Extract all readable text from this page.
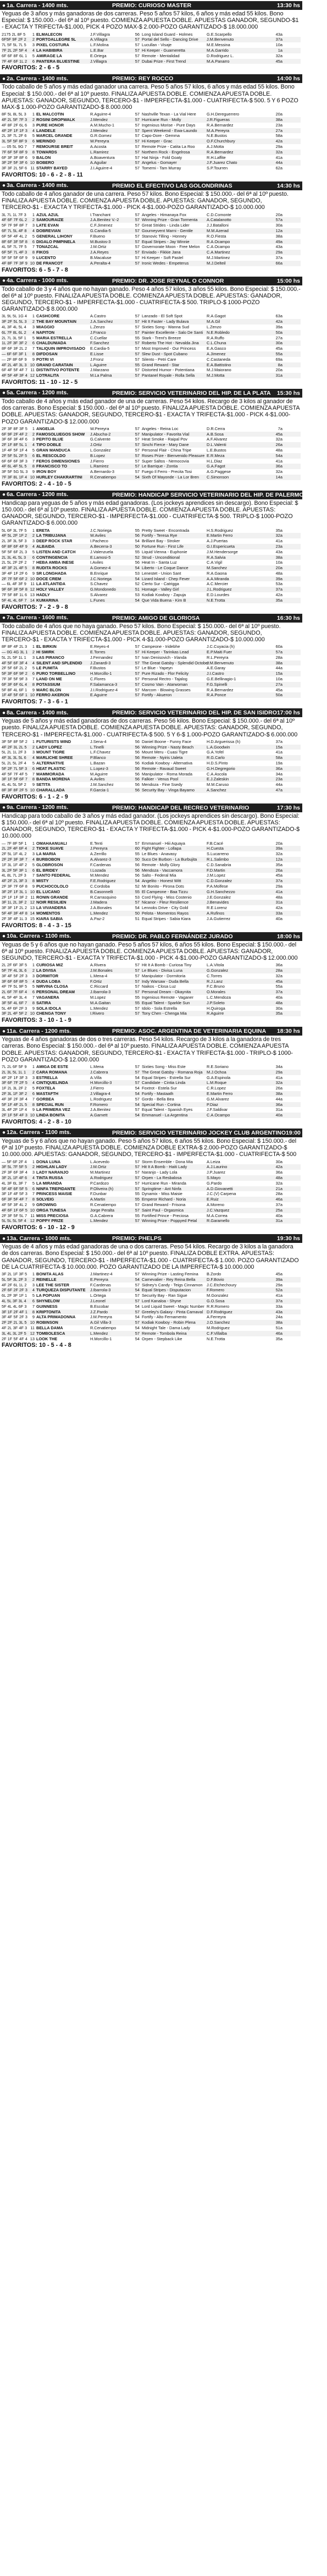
● 1a. Carrera - 1400 mts.	PREMIO: CURIOSO MASTER	13:30 hs
Yeguas de 3 años y más ganadoras de dos carreras. Peso 5 años 57 kilos, 6 años y más edad 55 kilos. Bono Especial: $ 150.000.- del 6ª al 10º puesto. COMIENZA APUESTA DOBLE. APUESTAS GANADOR, SEGUNDO-$1 - EXACTA Y TRIFECTA-$1.000, PICK 4 POZO MAX-$ 2.000-POZO GARANTIZADO-$ 18.000.000
2175 2L 8F 5	1 ELMALECON	J.F.Villagra	56 Long Island Guard - Holmes	G.E.Scarpello	43a
6F5F 9F 2F 2	2 PORTOALLEGRE 5L	A.Villagra	57 Portal del Sello - Dancing Drive	J.M.Benvenuto	37a
7L 5F 5L 7L 5	3 PIXEL COSTURA	L.F.Molina	57 Lucullan - Visaje	M.E.Messina	10a
7F 2L 2F 5F 4	4 LA HABIBIRA	L.E.Bar	57 Hi Keeper - Guarneretta	M.A.Garrido	1a
6F 6F 8F 6L 1	5 AMIRAGE LA	E.Ortega	57 Remote - Mentalidad	D.Rodriguez L.	32a
7F 4F 6F 1L 2	6 PANTERA BLUESTINE	J.Villagra	57 Dubai Prize - First Trend	M.A.Panarro	45a
FAVORITOS: 2 - 6 - 5
● 2a. Carrera - 1400 mts.	PREMIO: REY ROCCO	14:00 hs
Todo caballo de 5 años y más edad ganador una carrera. Peso 5 años 57 kilos, 6 años y más edad 55 kilos. Bono Especial: $ 150.000.- del 6ª al 10º puesto. FINALIZA APUESTA DOBLE. COMIENZA APUESTA DOBLE. APUESTAS: GANADOR, SEGUNDO, TERCERO-$1 - IMPERFECTA-$1.000 - CUATRIFECTA-$ 500. 5 Y 6 POZO MAX-$ 1.000-POZO GARANTIZADO-$ 8.000.000
8F 5L 8L 5L 3	1 EL MALCOTIN	R.Aguirre-4	57 Nashville Texan - La Vial Here	G.H.Dereguerrero	20a
4F 2L 5F 7F 3	2 ROSINI DROPWALK	J.Mendez	57 Hurricane Run - Molly	J.R.Figueras	38a
4F 8F 2F 6L 6	3 PURE HONOR	A.M.Mucho-1	57 Ingenious Morise - Pure Days	R.A.Bernardez	23a
4F 2F 1F 1F 3	4 LANDELE	J.Mendez	57 Spent Weekend - Ewa-Laundo	M.A.Pereyra	27a
2L 3F 7L 2F 6	5 MARCEL GRANDE	G.R.Gomez	57 Capo-Dore - Gemma	N.E.Bustos	58a
3L 5F 5F 8F 9	6 MERINDO	W.Pereyra	57 Hi Keeper - Grac	O.F.Churchbury	42a
— 05 5L 9G 7	7 REMOURSE BREIT	A.Acosta	57 Remote Prize - Catita La Roo	A.J.Motta	29a
7F 6F 5F 8F 9	8 TOWARDS	L.Ramirez	57 Northern Rock - Engelrosa	R.A.Bernardez	32a
6F 3F 3F 8F 6	9 BALON	A.Boaventura	57 Hat Ninja - Fold Goaty	R.H.Laffite	41a
3F 2F 5F 3F 6 10 BOBERO	A.Aguilar	57 Angelus - Gomayer	J.F.Juarez Chato	44a
3F 3F 2L 5F 6 11 STARRY BAYED	J.I.Aguirre-4	57 Tomemi - Tam Murray	S.P.Tourren	62a
FAVORITOS: 10 - 6 - 2 - 8 - 11
● 3a. Carrera - 1400 mts.	PREMIO EL EFECTIVO LAS GOLONDRINAS	14:30 hs
Todo caballo de 4 años ganador de una carrera. Peso 57 kilos. Bono Especial: $ 150.000.- del 6ª al 10º puesto. FINALIZA APUESTA DOBLE. COMIENZA APUESTA DOBLE. APUESTAS: GANADOR, SEGUNDO, TERCERO-$1 - EXACTA Y TRIFECTA-$1.000 - PICK 4-$1.000-POZO GARANTIZADO-$ 10.000.000
3L 7L 1L 7F 3	1 AZUL AZUL	I.Tranchant	57 Angeles - Himanaya Fox	C.D.Comonte	20a
4F 6F 7F 6L 2	2 SAMOURAIZE	J.A.Benitez V.-2	57 Winning Prize - Gran Tormenta	A.Catalanotto	57a
5F 7F 9F 8F 7	3 LATE EVAN	C.F.Jimenez	57 Great Strides - Linda Lider	J.J.Batalloni	30a
6F 7L 5L 4F 8	4 DOBREVIAN	G.Candia-5	57 Gourneyvent Marni - Gentile	M.M.Azerad	12a
6F 5F 4F 4L 2	5 GENERAL LIHONY	F.Bueno	57 Stanovic Tilling - Honney	R.O.Fiesta	38a
8F 6F 3F 5F 8	6 DIGALO PIMPINELA	M.Bustos-3	57 Equal Stripes - Jay Winnie	R.A.Ocampo	49a
4L 5F 7L 7F 5	7 TONAZCAL	J.M.Ortiz	57 Governorate Moon - Free Melon	C.A.Ocampo	43a
6F 5F 7L 4F 3	8 FIKOS	J.A.Reyes	57 Enviado - Fikkie Jana	C.A.Martinez	29a
5F 5F 5F 6F 9	9 LUCENTO	B.Macaluse	57 Hi Keeper - Soft Pastel	M.J.Martinez	37a
4F 8F 7F 3F 9 10 DE FRANCOT	A.Peralta-4	57 Ironic Wedes - Empeterus	M.J.Delteil	66a
FAVORITOS: 6 - 5 - 7 - 8
● 4a. Carrera - 1000 mts.	PREMIO: DR. JOSE REYNAL O CONNOR	15:00 hs
Todo caballo de 3 y 4 años que no hayan ganado. Peso 4 años 57 kilos, 3 años 55 kilos. Bono Especial: $ 150.000.- del 6ª al 10º puesto. FINALIZA APUESTA DOBLE. COMIENZA APUESTA DOBLE. APUESTAS: GANADOR, SEGUNDO, TERCERO-$1 - IMPERFECTA-$1.000 - CUATRIFECTA-$ 500. TRIPLO-$ 1000-POZO GARANTIZADO-$ 8.000.000
3L 9L 5L 1G 4	1 CASHCORE	A.Castro	57 Lanzado - El Soft Spot	R.A.Gagot	63a
3F 2F 5L 5L 3	2 THE BAY MOUNTAIN	J.A.Sanchez	57 Hit It Faster - Lady Bulava	M.A.Gil	42a
4L 3F 4L 5L 4	3 MIAGGIO	L.Zenzo	57 Sixties Song - Wanna Sud	L.Zenzo	39a
6L 7F 8L 6L 2	4 NAPITON	J.Franco	57 Painter Excellente - Salo De Santi N.E.Robledo	50a
2L 7L 3L 5F 1	5 MARIA ESTRELLA	C.Cuellar	55 Stark - Trent's Breeze	R.A.Ruffo	27a
1L 2F 3F 3F 2	6 CHALDUNIADA	F.Sanchez	57 Roberto The Hot - Nevalda Jina	C.L.Chuna	30a
8F 6F 3F 2L 2	7 TALIQUIN IMPROVISADO	E.Cardia-5	57 Most Improved - Our Princess	E.A.Gasco	45a
— 6F 6F 3F 1	8 DIFDOSAN	E.Lisse	57 Slew Dust - Spot Cubano	A.Jimenez	55a
— 2F 8F 6F 9	9 POTRI VI	J.Fronz	57 Silento - Petri Care	C.Castaneda	69a
4F 2L 4F 3L 3 10 GRAND CARATAIN	L.Aguirre	55 Grand Reward - Star	E.A.Battistino	8a
6F 4F 5F 4F 7 11 DISTINTIVO POTENTE	J.Marzano	57 Distorted Humor - Potentiana	M.J.Maiorano	20a
4F 5F 4F 3F 4 12 LOTRALITA	M.La Palma	57 Pantanel Royale - Rolla Sella	M.J.Motta	31a
FAVORITOS: 11 - 10 - 12 - 5
● 5a. Carrera - 1200 mts.	PREMIO: SERVICIO VETERINARIO DEL HIP. DE LA PLATA	15:30 hs
Todo caballo de 4 años y más edad ganador de una de carreras. Peso 54 kilos. Recargo de 3 kilos al ganador de dos carreras. Bono Especial: $ 150.000.- del 6ª al 10º puesto. FINALIZA APUESTA DOBLE. COMIENZA APUESTA DOBLE. APUESTAS: GANADOR, SEGUNDO, TERCERO-$1 - EXACTA Y TRIFECTA-$1.000 - PICK 4-$1.000-POZO GARANTIZADO-$ 12.000.000
2F 3F 8F 3F 5	1 ANGELIA	W.Pereyra	57 Angeles - Reina Loc	D.R.Cerra	7a
6F 9F 2F 4F 2	2 FAMOSOLUEGOS SHOW	J.Abucha-2	57 Manipulator - Favorita Vial	A.B.Sosa	45a
3F 6F 3F 4F 6	3 PEPITO BLUE	G.Calvente	57 Heat Smoke - Raipal Pov	A.F.Alvarez	32a
2F 1F 8F 5L 1	4 TIPO DOBLE	J.Ortiz	57 Sinchi Fierce - Mary Dane	D.L.Valenti	26a
1F 4F 5F 1F 4	5 GRAN MANDUCA	L.Gonzalez	57 Personal Flair - China Tripe	L.E.Bustos	48a
2F 5F 5L 2F 5	6 EL RESCOLDO	B.Lopez	57 Roses Prize - Bienvenido Pleasure E.R.Meza	54a
6F 6F 6F 3F 3	7 FEROS DIMENSIONES	J.Fierro	57 Super Saltos - Nemocovia	H.L.Diaz	41a
4F 6L 4F 5L 5	8 FRANCISCO TO	L.Ramirez	57 Le Barrique - Zontia	G.A.Fagot	36a
3F 5F 5G 5L 3	9 IRON BOY	A.Bernardo-3	57 Fuego Il Ferro - Precita Tosi	A.G.Paggese	32a
7F 3F 8L 1F 4 10 HURLEY CHAKRARTINI	R.Cenatiempo	54 Sixth Of Mayonde - La Lor Bren	C.Simonson	14a
FAVORITOS: 2 - 4 - 10 - 5
● 6a. Carrera - 1200 mts.	PREMIO: HANDICAP SERVICIO VETERINARIO DEL HIP. DE PALERMO 16:00 hs
Handicap para yeguas de 5 años y más edad ganadoras. (Los jockeys aprendices sin descargo). Bono Especial: $ 150.000.- del 6ª al 10º puesto. FINALIZA APUESTA DOBLE. COMIENZA APUESTA DOBLE. APUESTAS: GANADOR, SEGUNDO, TERCERO-$1 - IMPERFECTA-$1.000 - CUATRIFECTA-$ 500. TRIPLO-$ 1000-POZO GARANTIZADO-$ 6.000.000
5L 6F 3L 7F 5	1 ERETA	J.C.Noriega	55 Pretty Sweet - Encontrada	H.S.Rodriguez	35a
4F 5L 2F 1F 2	2 LA TRIBUJANA	W.Aviles	56 Fortify - Teresa Rye	E.Martin Ferro	32a
2L 3F 3L 5F 3	3 DEEP ROCK STAR	I.Pacheco	54 Brilliant Bay - Stroker	A.J.Puertas	41a
6F 8F 6F 4F 9	4 ALBAIDA	A.Becerra-3	50 Fortune Run - First Life	G.I.Espericueta	23a
5F 5F 6F 2L 3	5 LISTEN AND CATCH	J.Valenzuela	55 Liquid Vienna - Euphonie	J.M.Hendersorge	43a
2L 3L 4L 5L 3	6 CONTINGENCIA	E.Lamosi-5	52 Strud - Unconditional	R.A.Salvia	38a
2L 5L 2F 2F 2	7 HEBA AMBA INESE	I.Aviles	56 Heat In - Santa Luz	C.A.Vigil	10a
4F 3F 2L 4F 5	8 RUDITA ROCKS	A.Gomez-4	54 Liberto - Le Coque Dance	M.Sanchez	20a
3F 4F 1F 2F 6	9 SR LONGHADA	B.Enrique	53 Lenestet - Union Sant	R.A.Gaona	48a
2F 7F 5F 6F 2 10 DOCE CREM	J.C.Noriega	54 Lizard Island - Chep Fever	A.A.Miranda	39a
— 6L 4F 3F 9	11 LA ATLANTIDA	S.Chavez	52 Cierto Sur - Catrigga	A.C.Mercier	53a
9F 6F 3F 5F 8 12 HOLY VALLEY	G.Mondonedo	51 Homage - Valley Girl	J.L.Rodriguez	37a
7F 5F 8F 1L 6 13 HADLY	S.Alvarez	53 Kodiak Kowboy - Zapuja	E.D.Lourdes	42a
5F 4L 4L 6F 7 14 KUMARINA	L.Funes	54 Que Vida Buena - Kim B	N.E.Trotta	35a
FAVORITOS: 7 - 2 - 9 - 8
● 7a. Carrera - 1600 mts.	PREMIO: AMIGO DE GLORIOSA	16:30 hs
Todo caballo de 4 años que no haya ganado. Peso 57 kilos. Bono Especial: $ 150.000.- del 6ª al 10º puesto. FINALIZA APUESTA DOBLE. COMIENZA APUESTA DOBLE. APUESTAS: GANADOR, SEGUNDO, TERCERO-$1 - EXACTA Y TRIFECTA-$1.000 - PICK 4-$1.000-POZO GARANTIZADO-$ 10.000.000
8F 8F 4F 2L 3	1 EL BIRKIN	E.Reyes-4	57 Campeone - Iridebhe	J.C.Cuyacia (h)	60a
— 0G 4G 3L 1	2 HI SMIRK	E.Torres	57 Hi Keeper - Tarinkas Lead	E.P.Maiti Fuer	57a
5L 2L 5F 1L 1	3 LAS PIRANCO	J.Fernandez	57 Ivan Denisovich - Irlanda	R.L.Pereyra	28a
4F 5F 6F 3F 4	4 SILENT AND SPLENDID	J.Zanardi-3	57 The Great Gatsby - Splendid October
J.M.Benvenuto	38a
2F 5F 6F 2L 2	5 LE PUMITA	F.Bustos	57 Le Blue - Yapeyn	A.E.Garay	44a
5F 3F 6F 9F 2	6 PURO TORBELLINO	H.Morcillo-1	57 Pure Rizado - Flor Felicity	J.I.Castro	15a
7F 3F 5F 9F 3	7 LAND ON ME	C.Flores	57 Personal Rectro - Tajalog	G.E.Bellinagio-1	10a
6F 3F 6F 6L 4	8 POTASSIUM	F.Salamanca-3	57 Cosmo Vain - Atarwoman	F.G.Spinelli	27a
5F 8F 4L 6F 1	9 MARC BLON	J.I.Rodriguez-4	57 Marcom - Blowing Grasses	R.A.Bernardez	45a
1F 4F 5F 6F 1 10 FERRO AKERON	E.Aguirre	57 Fortify - Akueron	R.A.Ponce	50a
FAVORITOS: 7 - 3 - 6 - 1
● 8a. Carrera - 1400 mts.	PREMIO: SERVICIO VETERINARIO DEL HIP. DE SAN ISIDRO 17:00 hs
Yeguas de 5 años y más edad ganadoras de dos carreras. Peso 56 kilos. Bono Especial: $ 150.000.- del 6ª al 10º puesto. FINALIZA APUESTA DOBLE. COMIENZA APUESTA DOBLE. APUESTAS: GANADOR, SEGUNDO, TERCERO-$1 - IMPERFECTA-$1.000 - CUATRIFECTA-$ 500. 5 Y 6-$ 1.000-POZO GARANTIZADO-$ 6.000.000
3F 5F 8F 5F 2	1 FUTURISTS WIND	J.Sena-4	56 Daniel Boone - Funny Face	H.D.Arguerissa (h)	37a
4F 2F 3L 2L 5	2 LADY LOPEZ	L.Tinelli	56 Winning Prize - Nasty Beach	L.A.Goodwin	15a
5L 2L 1L 2F 3	3 MOUNT TIGRE	L.F.Chavez	56 Mount Meru - Cuasi Tigre	G.A.Yofel	41a
4F 3L 3L 5L 6	4 MARLICHE SHREE	P.Blanco	56 Remote - Nyiris Ualeta	R.G.Carlo	58a
5L 2L 5L 2F 4	5 ALTERNATIVE	L.Bazan	56 Kodiak Kowboy - Alternativa	H.D.S.Pinto	19a
5F 2F 7L 5F 3	6 HEAT PLASTIC	L.Lopez-3	56 Remote - Ravaud Sweet	G.H.Degregorio	36a
4F 5F 7F 4F 5	7 MAMMORADA	M.Aguirre	56 Manipulator - Roma Morada	C.A.Ascola	34a
3F 1F 5F 6F 7	8 BANDA MORENA	A.Aviles	56 Falkier - Venus Pool	E.J.Zaleskin	23a
4L 4L 5L 5F 2	9 SETITA	J.M.Sanchez	56 Mendoza - Fine Ssedy	M.M.Caruso	44a
8F 3F 8F 2F 5 10 CHARALLADA	F.Garcia-1	56 Security Bay - Vinga Bayamo	A.Sanchez	47a
FAVORITOS: 6 - 1 - 2 - 9
● 9a. Carrera - 1200 mts.	PREMIO: HANDICAP DEL RECREO VETERINARIO	17:30 hs
Handicap para todo caballo de 3 años y más edad ganador. (Los jockeys aprendices sin descargo). Bono Especial: $ 150.000.- del 6ª al 10º puesto. FINALIZA APUESTA DOBLE. COMIENZA APUESTA DOBLE. APUESTAS: GANADOR, SEGUNDO, TERCERO-$1 - EXACTA Y TRIFECTA-$1.000 - PICK 4-$1.000-POZO GARANTIZADO-$ 10.000.000
— 7F 8F 5F 1	1 OMAHAANUALI	E.Tenti	57 Emmanuel - Hiii Aquaya	F.B.Cacé	20a
2L 2F 4F 6F 4	2 TIOKE SUAVE	J.Pereyra	60 Fight Fighter - Lollapa	H.Cuesta	39a
2F 5L 1F 4L 2	3 LA MARIA	A.Zerrillo	55 Le Blues - Anavasy	S.Lucarreno	32a
2F 2F 3F 3F 7	4 BURBOBON	A.Alvarez-3	50 Suco De Burbon - La Burbujita	R.L.Salimbo	12a
1F 3L 1F 4F 2	5 GLOBROSON	F.Cardenas	56 Remote - Molly Glory	C.D.Sanabria	35a
3L 2F 5F 3F 1	6 EL BRIDEY	I.Lozada	56 Mendoza - Vaccamora	F.D.Martin	26a
4L 8L 7L 2F 3	7 SANTO FEDERAL	M.Mendez	56 Salto - Federal Mia	J.M.Lopez	45a
4F 2F 2L 3F 3	8 MISTY	F.E.Rodriguez	54 Angelito - Honest Witt	C.D.Gonzalez	37a
2F 3F 7F 6F 8	9 PUCHOCOLOLO	C.Cordoba	52 Mr Bonito - Pirona Dots	P.A.Molfese	29a
3F 2F 1F 3L 1 10 EL LUCANO	B.Casonnelli	55 El Campeone - Baa Tizzu	G.H.Sanchezzo	41a
2F 1F 1F 3F 2 11 RONIN GRANDE	R.Carrasquino	53 Cord Flying - Miss Costenio	J.E.Gonzalez	48a
3F 1L 2L 3F 2 12 NOIR RESILIEN	J.Madera	57 Nicanor - Fleur Resilience	J.Benavides	31a
3F 3F 1F 2L 2 13 LA VIVANDERA	J.A.Bonales	54 Lennoks Drive - City Gold	R.E.Lorenz	42a
5F 4F 3F 4F 8 14 MOMENTOS	L.Mendez	50 Pelota - Momentos Rayos	A.Rufinos	33a
2F 3F 4F 1L 3 15 KIARA SABIA	A.Paz-2	51 Equal Stripes - Sabia Kiara	J.A.Gutierrez	40a
FAVORITOS: 8 - 4 - 3 - 15
● 10a. Carrera - 1100 mts.	PREMIO: DR. PABLO FERNÁNDEZ JURADO	18:00 hs
Yeguas de 5 y 6 años que no hayan ganado. Peso 5 años 57 kilos, 6 años 55 kilos. Bono Especial: $ 150.000.- del 6ª al 10º puesto. FINALIZA APUESTA DOBLE. COMIENZA APUESTA DOBLE. APUESTAS: GANADOR, SEGUNDO, TERCERO-$1 - EXACTA Y TRIFECTA-$1.000 - PICK 4-$1.000-POZO GARANTIZADO-$ 12.000.000
2L 2F 6F 3F 5	1 CURIOSA MIZ	A.Rivera	57 Hit It A Bomb - Curiosa Tiny	L.A.Vitola	36a
5F 7F 4L 3L 6	2 LA DIVISA	J.M.Bonales	57 Le Blues - Divisa Luna	G.Gonzalez	28a
3F 4F 5F 2F 3	3 DORMITOR	L.Mena-4	57 Manipulator - Dormitoria	C.Torres	32a
3F 6F 6F 8F 5	4 DUDA LOBA	F.Ortiz	57 Indy Warsaw - Duda Bella	R.J.Lanz	45a
4F 7F 5L 9F 5	5 NIRVINA CLOSA	C.Riccard	57 Naikos - Closa Luz	F.C.Bruno	55a
2L 6F 7F 6F 4	6 PERSONAL DREAM	J.Ibarrola-3	57 Personal Dream - Okaynita	O.Morales	37a
4L 5F 4F 3L 4	7 VAGANERA	M.Lopez	55 Ingenious Remote - Vaganer	L.C.Mendoza	40a
3F 5F 4L 6F 7	8 SATIRA	M.A.Gaitan	55 Equal Talent - Sparkle Sun	J.P.Soleto	48a
5L 4F 6F 2F 3	9 SOLA IDOLA	L.Mendez	57 Idolo - Sola Estrella	H.Quiroga	30a
3F 2L 4F 5F 2 10 CHENGA TONY	I.Rivero	57 Tony Chen - Chenga Mia	R.Aguirre	35a
FAVORITOS: 3 - 10 - 1 - 9
● 11a. Carrera - 1200 mts.	PREMIO: ASOC. ARGENTINA DE VETERINARIA EQUINA	18:30 hs
Yeguas de 4 años ganadoras de dos o tres carreras. Peso 54 kilos. Recargo de 3 kilos a la ganadora de tres carreras. Bono Especial: $ 150.000.- del 6ª al 10º puesto. FINALIZA APUESTA DOBLE. COMIENZA APUESTA DOBLE. APUESTAS: GANADOR, SEGUNDO, TERCERO-$1 - EXACTA Y TRIFECTA-$1.000 - TRIPLO-$ 1000-POZO GARANTIZADO-$ 12.000.000
7L 2L 6F 5F 9	1 AMIGA DE ESTE	L.Mena	57 Sixties Song - Miss Este	R.E.Soriano	34a
2L 3L 5L 1L 1	2 CARA ROMANA	J.Cabrera	57 The Great Gatsby - Romana Roja	M.J.Ochoa	29a
4F 2F 1F 3F 3	3 ESTRELLA	A.Villa	54 Equal Stripes - Estrella Sur	G.A.Espinola	41a
3F 6F 7F 2F 5	4 CINTIQUELINDA	H.Morcillo-3	57 Candidate - Cintia Linda	L.M.Roque	32a
1F 2L 3L 2F 2	5 FOXTELA	J.Fierro	54 Foxtrot - Estela Sur	C.R.Lopez	26a
2F 3L 1F 3F 2	6 MASTAFTH	J.Villagra-4	54 Fortify - Mastaath	E.Martin Ferro	38a
4F 3F 2F 3F 4	7 GORBEA	L.Rodriguez	57 Gordo - Bella Bea	G.M.Alvarez	44a
5F 1F 4F 2L 5	8 SPECIAL RUN	F.Romero	54 Special Run - Cortina	P.Diaz	36a
3L 4F 2F 1F 4	9 LA PRIMERA VEZ	J.A.Benitez	57 Equal Talent - Spanish Eyes	J.F.Saldivar	31a
2F 1F 5F 4F 3 10 LINDA BONITA	A.Garnett	54 Emmanuel - La Argentina	C.A.Ocampo	40a
FAVORITOS: 4 - 2 - 8 - 10
● 12a. Carrera - 1100 mts.	PREMIO: SERVICIO VETERINARIO JOCKEY CLUB ARGENTINO 19:00 hs
Yeguas de 5 y 6 años que no hayan ganado. Peso 5 años 57 kilos, 6 años 55 kilos. Bono Especial: $ 150.000.- del 6ª al 10º puesto. FINALIZA APUESTA DOBLE. COMIENZA DOBLE EXTRA-$ 2.000-POZO GARANTIZADO-$ 10.000.000. APUESTAS: GANADOR, SEGUNDO, TERCERO-$1 - IMPERFECTA-$1.000 - CUATRIFECTA-$ 500
— 5F 6F 2F 4	1 DONA LUNA	L.Acevedo	57 Storm Ensemble - Dona Mia	A.Leiza	30a
3F 5L 7F 5F 5	2 HIGHLAN LADY	J.M.Ortiz	57 Hit It A Bomb - Haiti Lady	A.J.Laurino	42a
2F 3F 6F 3F 4	3 LADY NARANJO	M.Martinez	57 Naranjo - Lady Lola	J.P.Juarez	36a
3F 2L 1F 4F 6	4 TINTA RUSSA	A.Rodriguez	57 Orpen - La Resbalosa	S.Mayo	48a
4L 3F 6L 3F 7	5 LA MIRANDA	P.Cardozo	57 Hurricane Run - Miranda	G.Pardo	32a
5F 4F 6F 5F 5	6 NINFA TREPIDANTE	P.Oliveira (h)	57 Springtime - Ant Ninfa	A.D.Giovanetti	21a
3F 1F 4F 5F 3	7 PRINCESS MAISIE	F.Dunbar	55 Dynamix - Miss Maisie	J.C.(V) Carpena	28a
6F 3F 5F 4F 7	8 SOLVEIG	A.Martin	55 Emperor Richard - Noria	E.Ruiz	46a
4F 5F 3F 4L 2	9 GROWING	R.Cenatiempo	57 Grand Reward - Frisona	A.Moreno	37a
4F 6F 1F 6F 5 10 ORGA TUNESA	Jorge Peralta	57 Saint Paul - Orgasmica	J.C.Vazquez	25a
2F 3F 5F 5L 7 11 MISS PRECIOSA	G.A.Cabrera	55 Fortified Prince - Preciosa	M.A.Correa	40a
5L 5L 5L 5F 4 12 POPPY PRIZE	L.Mendez	57 Winning Prize - Poppyed Petal	R.Garamello	31a
FAVORITOS: 6 - 10 - 12 - 9
● 13a. Carrera - 1000 mts.	PREMIO: PHELPS	19:30 hs
Yeguas de 4 años y más edad ganadoras de una o dos carreras. Peso 54 kilos. Recargo de 3 kilos a la ganadora de dos carreras. Bono Especial: $ 150.000.- del 6ª al 10º puesto. FINALIZA DOBLE EXTRA. APUESTAS: GANADOR, SEGUNDO, TERCERO-$1 - IMPERFECTA-$1.000 - CUATRIFECTA-$ 1.000. POZO GARANTIZADO DE LA CUATRIFECTA-$ 10.000.000. POZO GARANTIZADO DE LA IMPERFECTA-$ 10.000.000
3F 2L 1F 3F 5	1 BONITA ALAS	J.Martinez-4	57 Winning Prize - Lasting Femina	B.Zordo	45a
5L 5F 3L 2F 3	2 REINELLE	E.Pereyra	54 Carnevalier - Rey Reina Bella	D.F.Bovio	39a
4F 2F 6L 1L 2	3 LEE THE SISTER	F.Cardenas	57 Sidney's Candy - Teigs Cinnamon	J.C.Etchechoury	29a
2F 6F 2F 2F 3	4 TURQUEZA DISPUTANTE	J.Ibarrola-3	54 Equal Stripes - Disputacion	F.Romero	52a
6L 2F 3F 1F 1	5 LA POPUAN	L.Ortega	57 Security Bay - Ran Sigue	M.Gonzalez	41a
4L 5L 3F 3L 4	6 SHYNELOW	J.Leonel	57 Lord Kanaloa - Shyne	G.O.Sosa	37a
5F 4L 4L 6F 3	7 GUINNESS	B.Escobar	54 Lord Liquid Sweet - Magic Number R.R.Romero	33a
3F 1F 2F 4F 1	8 KRIPTONITA	J.Z.Pardo	57 Greeley's Galaxy - Pinta Carnaval D.F.Rodriguez	43a
3F 4F 5F 2F 3	9 ALTA PRIMADONNA	J.M.Pereyra	54 Fortify - Alto Fernamento	A.Ferreyra	24a
2F 2F 2L 3L 5 10 ROBINSON	A.Gil Villa-3	57 Kodiak Kowboy - Robin Plena	J.O.Sanchez	38a
4F 2L 3F 4F 3 11 BELLA DAMA	R.Cenatiempo	54 Midnight Tale - Dama Lady	M.Rodriguez	51a
3L 4L 3L 2F 5 12 TOMBOLESCA	L.Mendez	57 Remote - Tombola Reina	C.F.Villalba	46a
2F 1F 5F 4F 4 13 LOOK THE	H.Morcillo-1	54 Orpen - Stepback Like	N.E.Trotta	35a
FAVORITOS: 10 - 5 - 4 - 8
